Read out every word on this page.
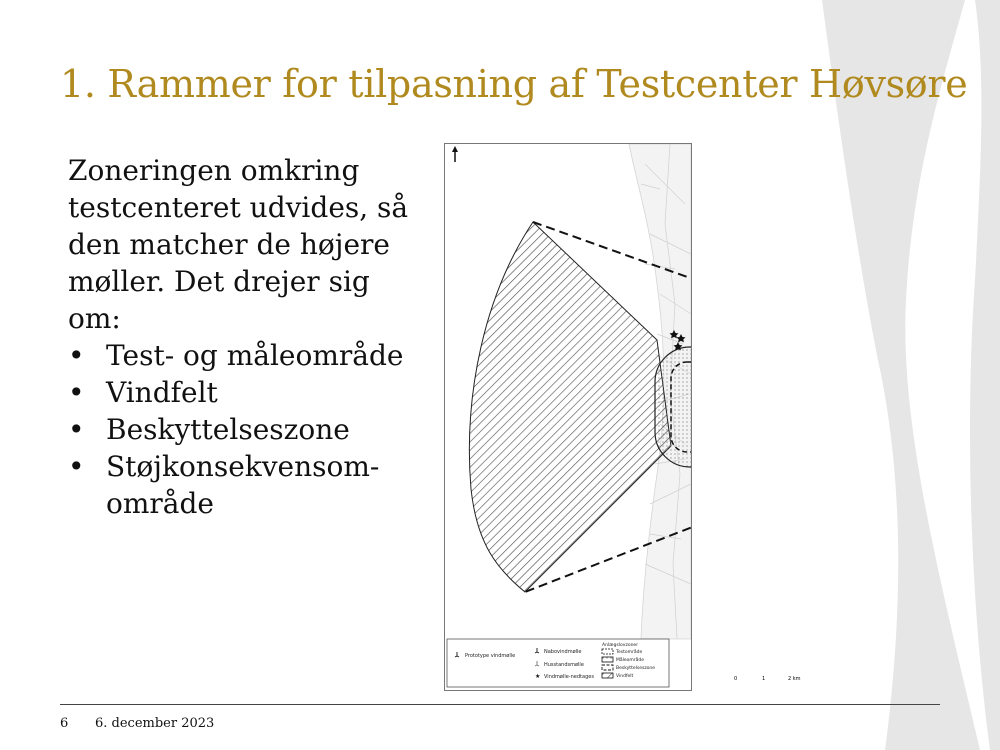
1. Rammer for tilpasning af Testcenter Høvsøre

Zoneringen omkring testcenteret udvides, så den matcher de højere møller. Det drejer sig om:

• Test- og måleområde
• Vindfelt
• Beskyttelseszone
• Støjkonsekvensom-område
Prototype vindmølle
Nabovindmølle
Husstandsmølle
★ Vindmølle-nedtages
Anlægslovzoner
Testområde
Måleområde
Beskyttelseszone
Vindfelt	0	1	2 km
6 6. december 2023
